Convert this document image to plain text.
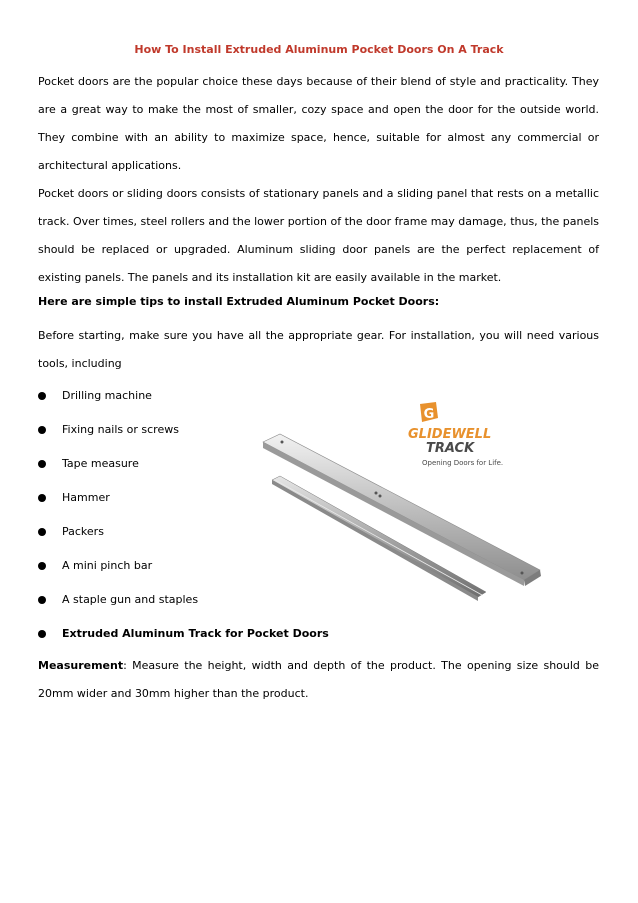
How To Install Extruded Aluminum Pocket Doors On A Track

Pocket doors are the popular choice these days because of their blend of style and practicality. They are a great way to make the most of smaller, cozy space and open the door for the outside world. They combine with an ability to maximize space, hence, suitable for almost any commercial or architectural applications.

Pocket doors or sliding doors consists of stationary panels and a sliding panel that rests on a metallic track. Over times, steel rollers and the lower portion of the door frame may damage, thus, the panels should be replaced or upgraded. Aluminum sliding door panels are the perfect replacement of existing panels. The panels and its installation kit are easily available in the market.

Here are simple tips to install Extruded Aluminum Pocket Doors:

Before starting, make sure you have all the appropriate gear. For installation, you will need various tools, including

Drilling machine
Fixing nails or screws
Tape measure
Hammer
Packers
A mini pinch bar
A staple gun and staples
Extruded Aluminum Track for Pocket Doors

Measurement: Measure the height, width and depth of the product. The opening size should be 20mm wider and 30mm higher than the product.

G
GLIDEWELL
TRACK
Opening Doors for Life.
